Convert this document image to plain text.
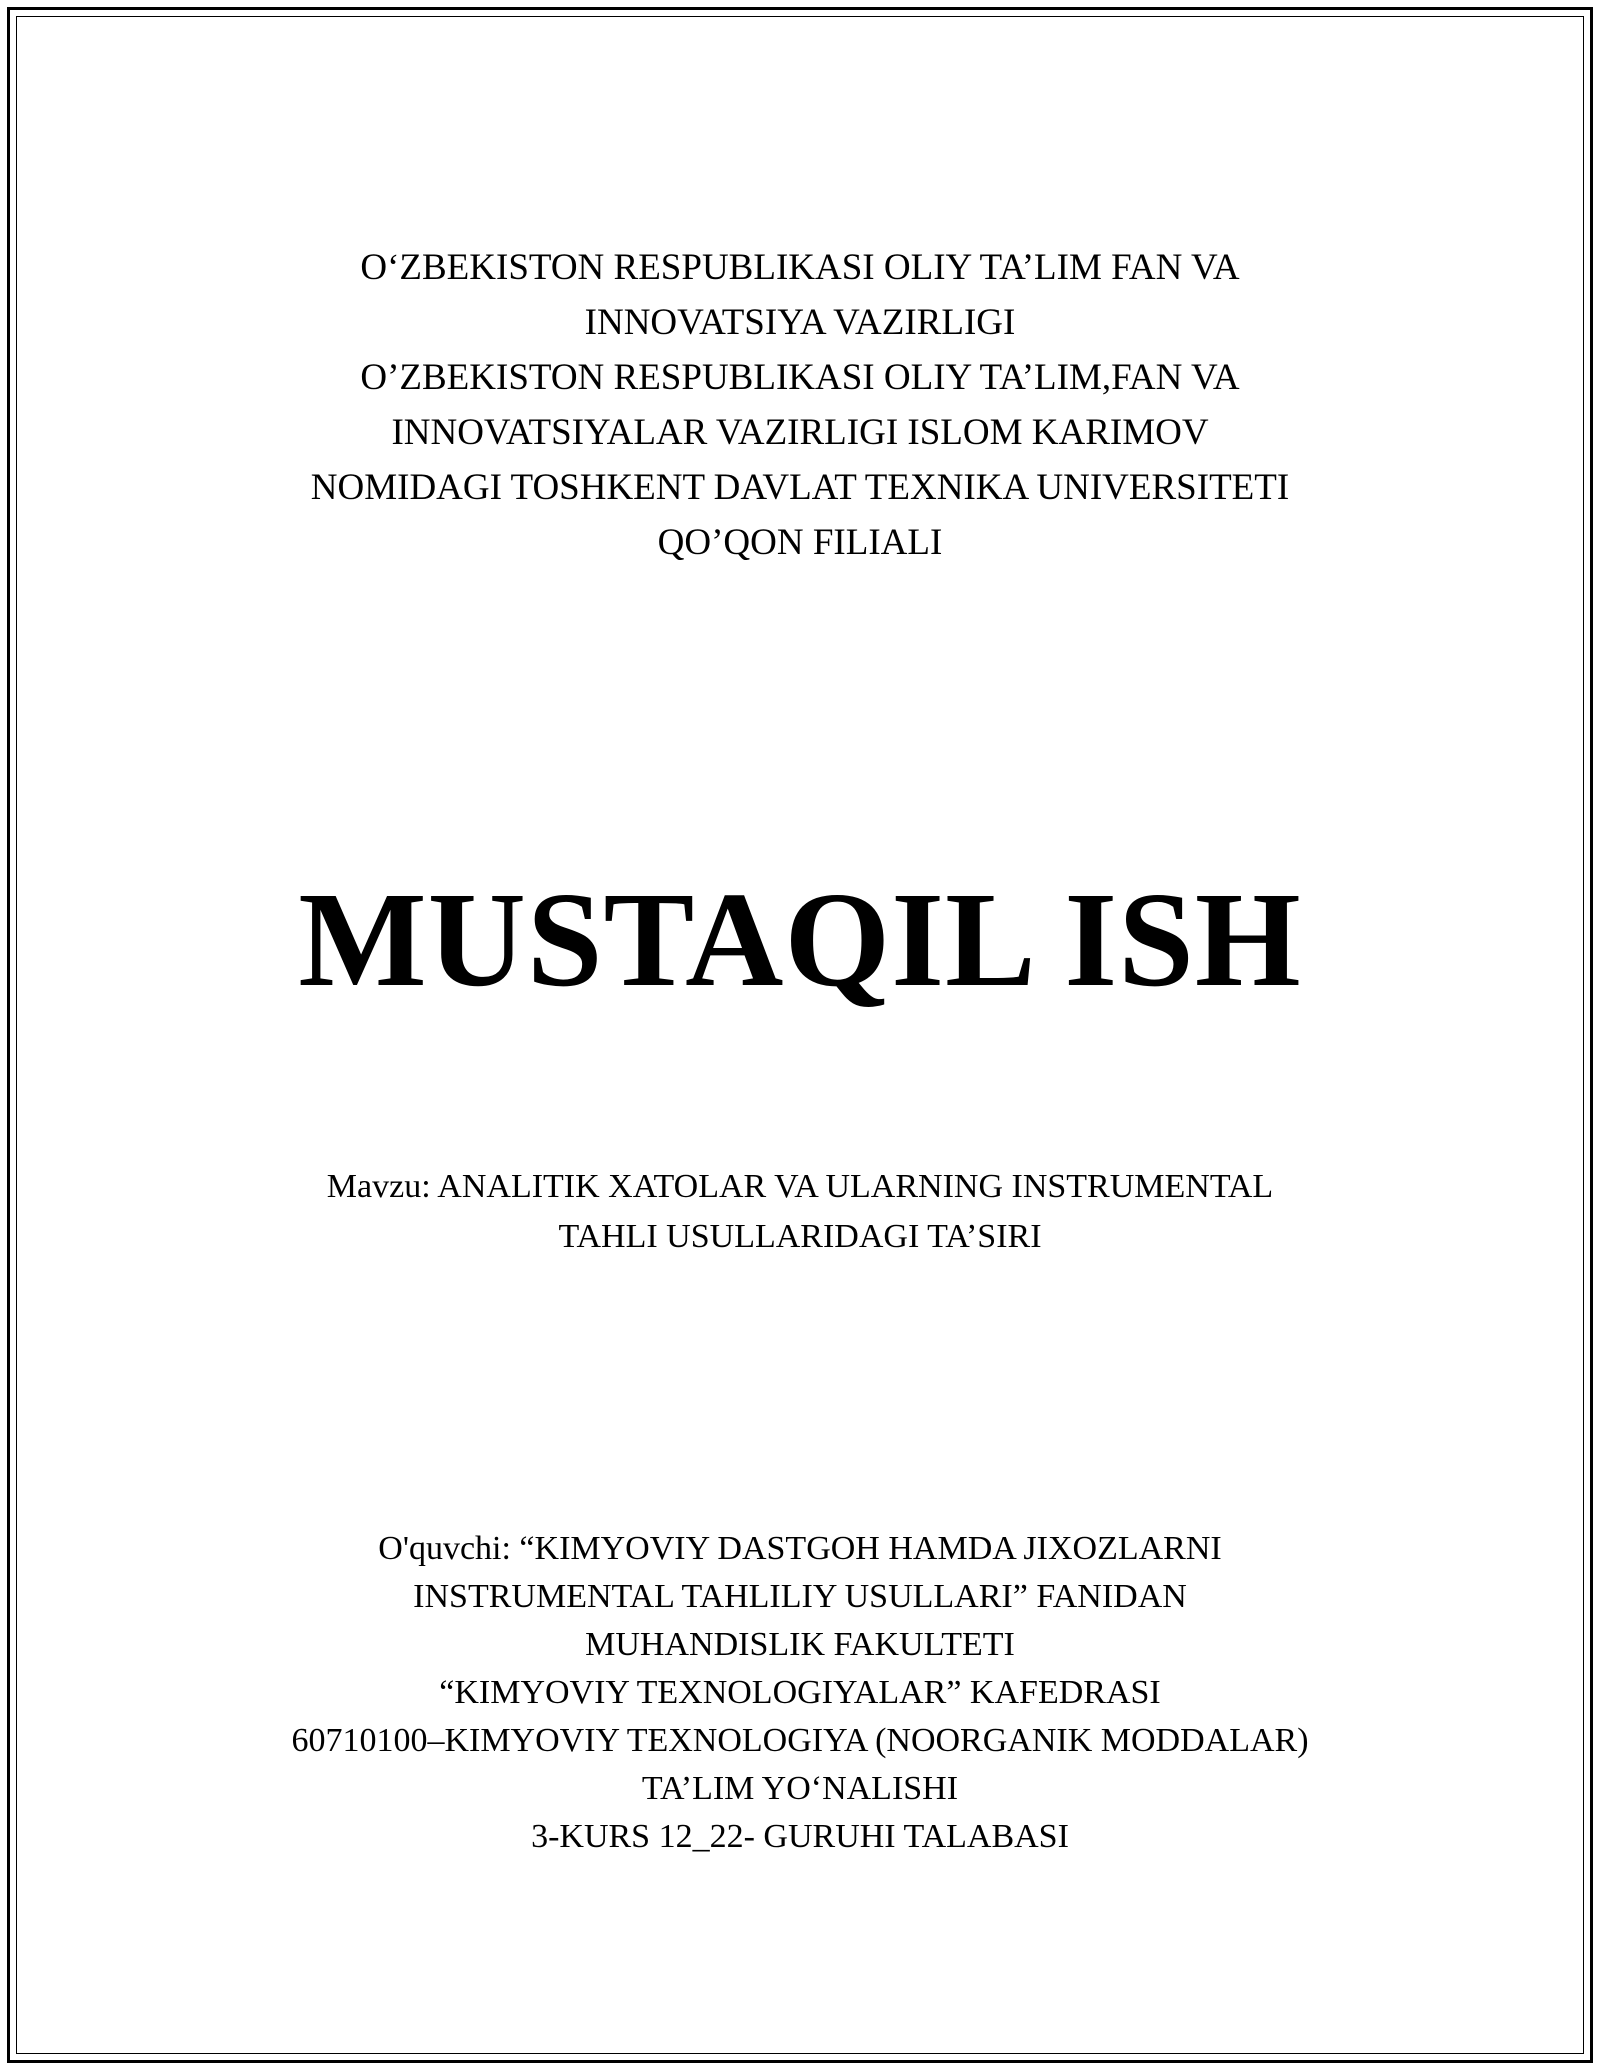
O‘ZBEKISTON RESPUBLIKASI OLIY TA’LIM FAN VA
INNOVATSIYA VAZIRLIGI
O’ZBEKISTON RESPUBLIKASI OLIY TA’LIM,FAN VA
INNOVATSIYALAR VAZIRLIGI ISLOM KARIMOV
NOMIDAGI TOSHKENT DAVLAT TEXNIKA UNIVERSITETI
QO’QON FILIALI
MUSTAQIL ISH
Mavzu: ANALITIK XATOLAR VA ULARNING INSTRUMENTAL
TAHLI USULLARIDAGI TA’SIRI
O'quvchi: “KIMYOVIY DASTGOH HAMDA JIXOZLARNI
INSTRUMENTAL TAHLILIY USULLARI” FANIDAN
MUHANDISLIK FAKULTETI
“KIMYOVIY TEXNOLOGIYALAR” KAFEDRASI
60710100–KIMYOVIY TEXNOLOGIYA (NOORGANIK MODDALAR)
TA’LIM YO‘NALISHI
3-KURS 12_22- GURUHI TALABASI
